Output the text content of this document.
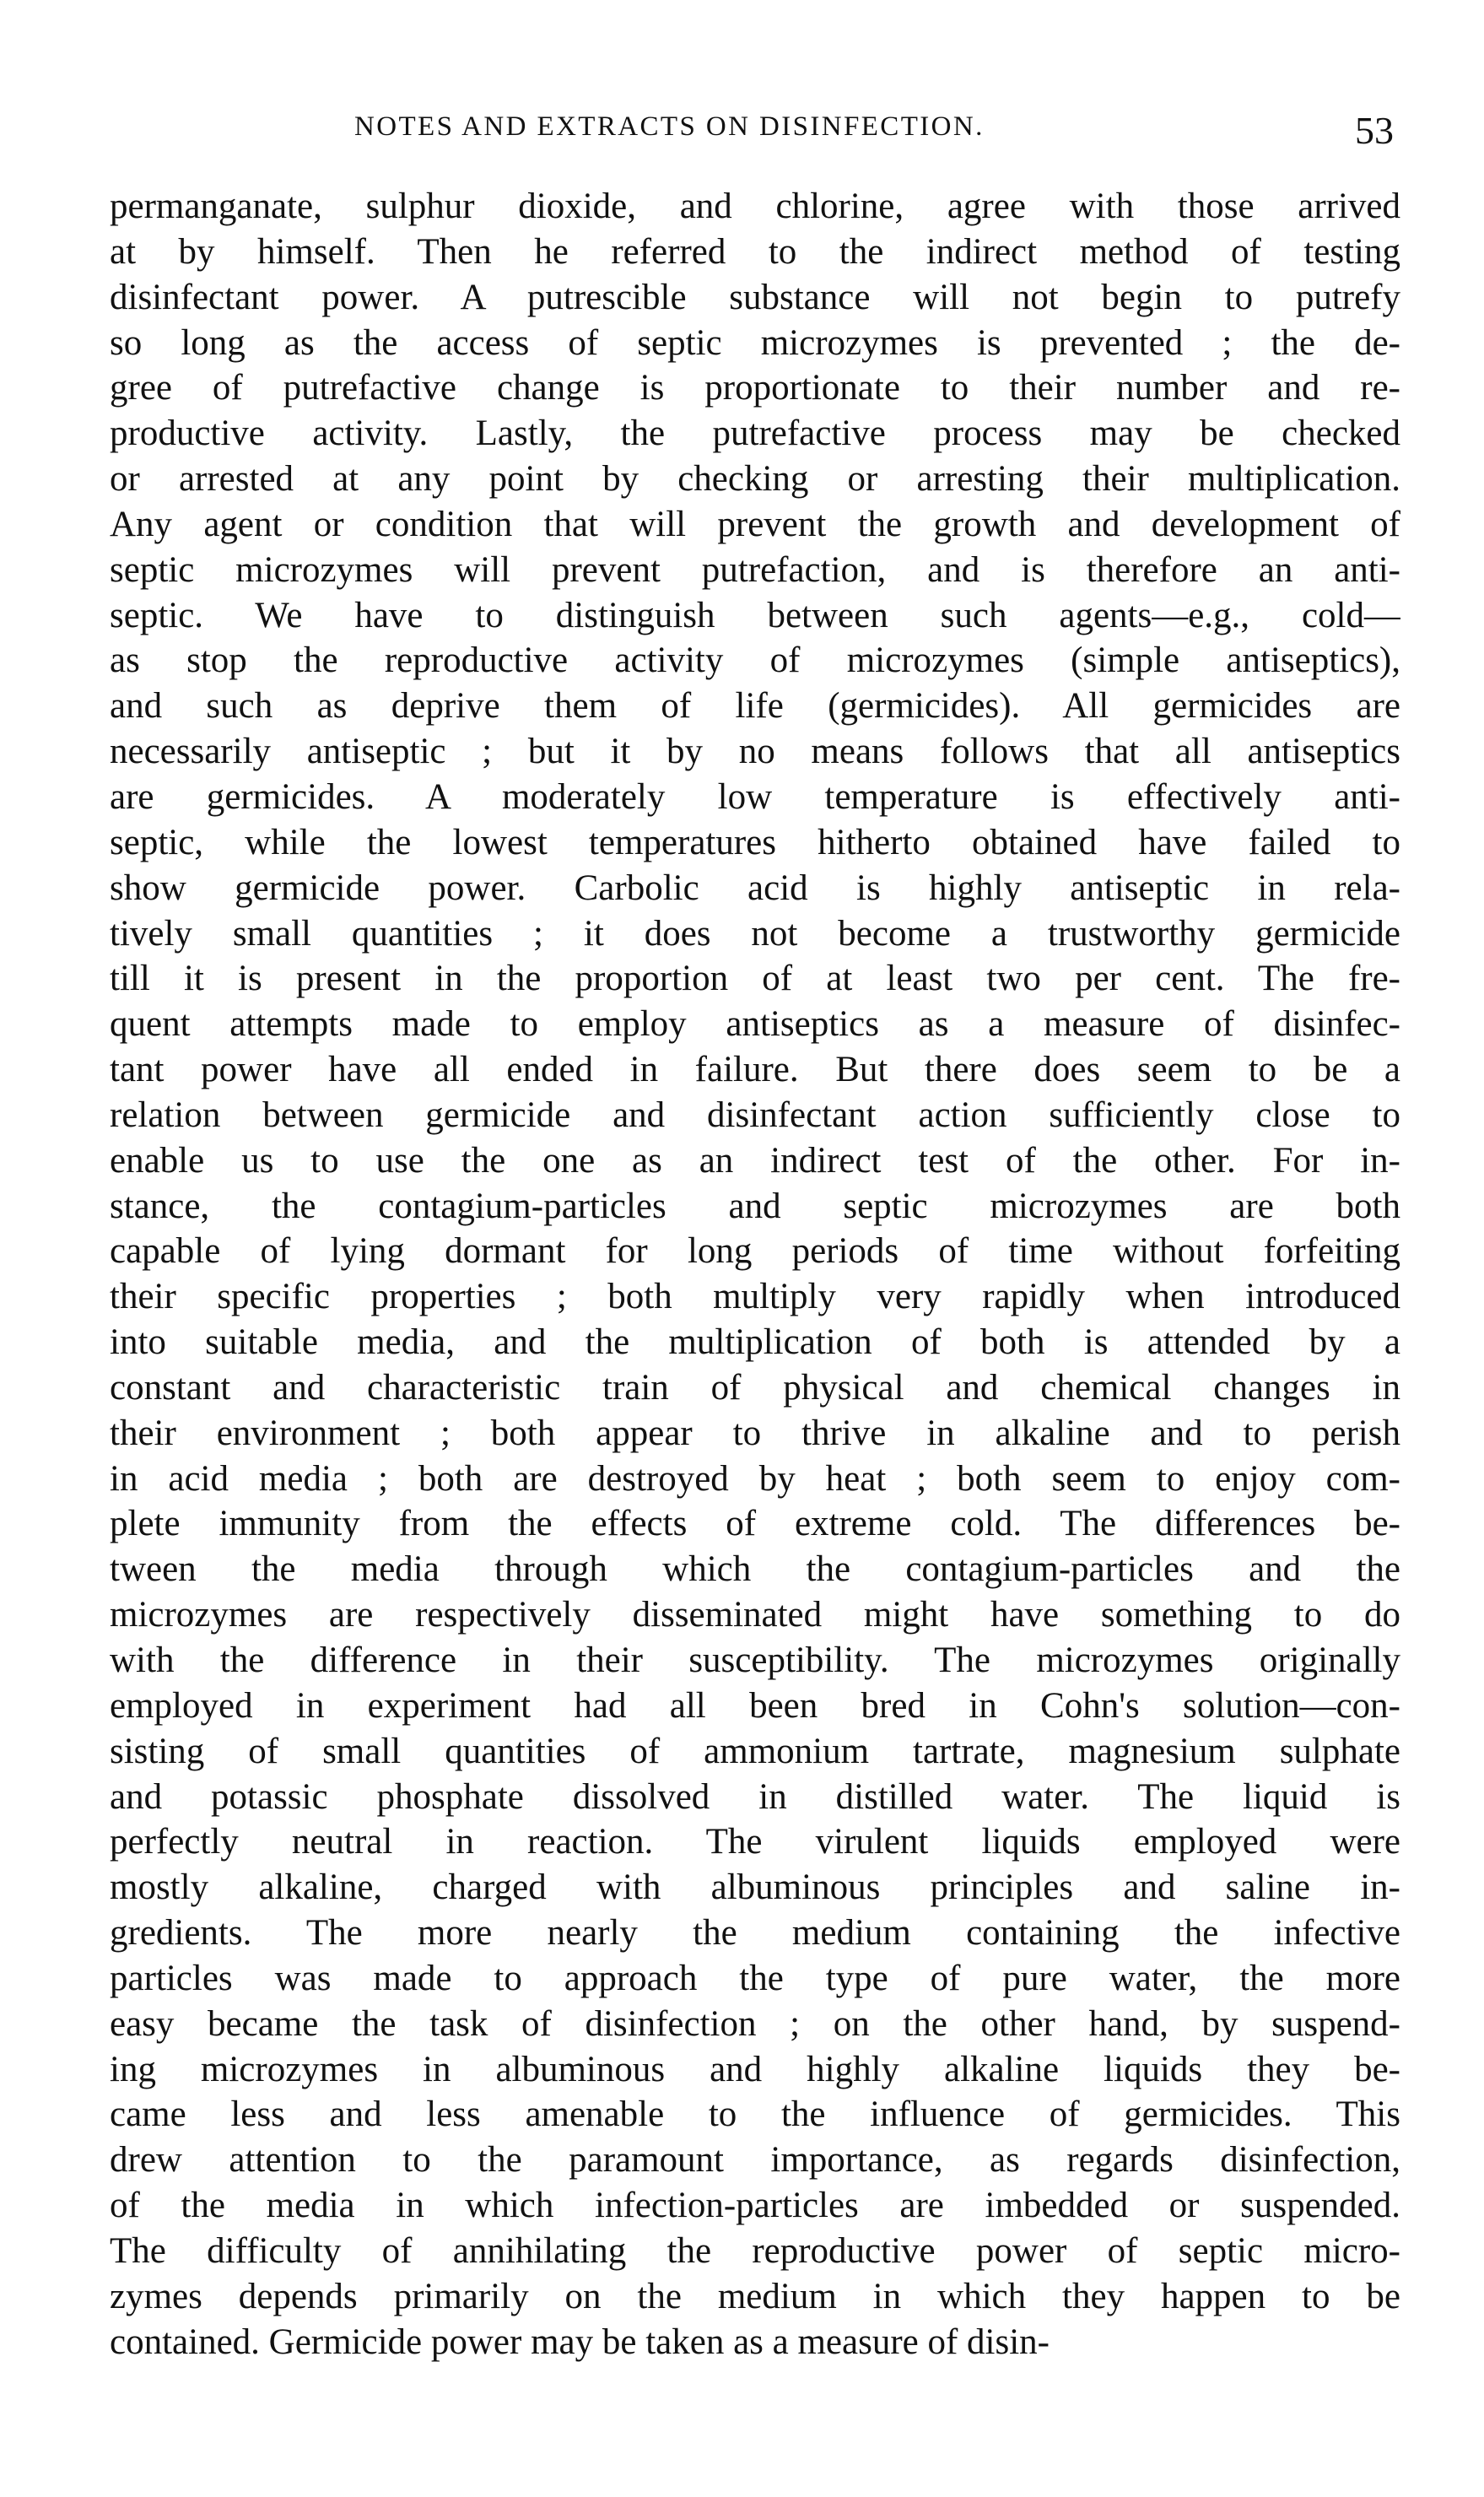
NOTES AND EXTRACTS ON DISINFECTION.	53
permanganate, sulphur dioxide, and chlorine, agree with those arrived
at by himself. Then he referred to the indirect method of testing
disinfectant power. A putrescible substance will not begin to putrefy
so long as the access of septic microzymes is prevented ; the de-
gree of putrefactive change is proportionate to their number and re-
productive activity. Lastly, the putrefactive process may be checked
or arrested at any point by checking or arresting their multiplication.
Any agent or condition that will prevent the growth and development of
septic microzymes will prevent putrefaction, and is therefore an anti-
septic. We have to distinguish between such agents—e.g., cold—
as stop the reproductive activity of microzymes (simple antiseptics),
and such as deprive them of life (germicides). All germicides are
necessarily antiseptic ; but it by no means follows that all antiseptics
are germicides. A moderately low temperature is effectively anti-
septic, while the lowest temperatures hitherto obtained have failed to
show germicide power. Carbolic acid is highly antiseptic in rela-
tively small quantities ; it does not become a trustworthy germicide
till it is present in the proportion of at least two per cent. The fre-
quent attempts made to employ antiseptics as a measure of disinfec-
tant power have all ended in failure. But there does seem to be a
relation between germicide and disinfectant action sufficiently close to
enable us to use the one as an indirect test of the other. For in-
stance, the contagium-particles and septic microzymes are both
capable of lying dormant for long periods of time without forfeiting
their specific properties ; both multiply very rapidly when introduced
into suitable media, and the multiplication of both is attended by a
constant and characteristic train of physical and chemical changes in
their environment ; both appear to thrive in alkaline and to perish
in acid media ; both are destroyed by heat ; both seem to enjoy com-
plete immunity from the effects of extreme cold. The differences be-
tween the media through which the contagium-particles and the
microzymes are respectively disseminated might have something to do
with the difference in their susceptibility. The microzymes originally
employed in experiment had all been bred in Cohn's solution—con-
sisting of small quantities of ammonium tartrate, magnesium sulphate
and potassic phosphate dissolved in distilled water. The liquid is
perfectly neutral in reaction. The virulent liquids employed were
mostly alkaline, charged with albuminous principles and saline in-
gredients. The more nearly the medium containing the infective
particles was made to approach the type of pure water, the more
easy became the task of disinfection ; on the other hand, by suspend-
ing microzymes in albuminous and highly alkaline liquids they be-
came less and less amenable to the influence of germicides. This
drew attention to the paramount importance, as regards disinfection,
of the media in which infection-particles are imbedded or suspended.
The difficulty of annihilating the reproductive power of septic micro-
zymes depends primarily on the medium in which they happen to be
contained. Germicide power may be taken as a measure of disin-
